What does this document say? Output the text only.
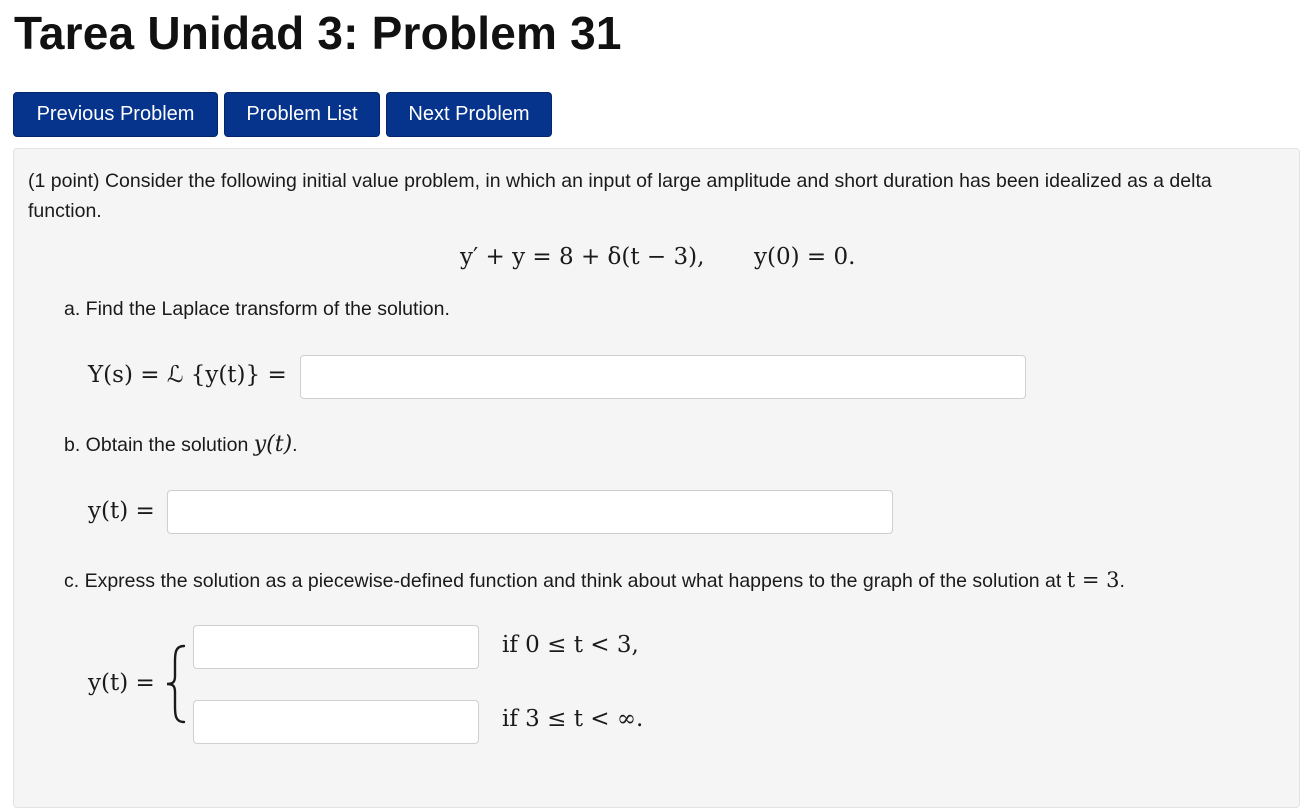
Tarea Unidad 3: Problem 31
Previous Problem	Problem List	Next Problem
(1 point) Consider the following initial value problem, in which an input of large amplitude and short duration has been idealized as a delta function.
y′ + y = 8 + δ(t − 3), y(0) = 0.
a. Find the Laplace transform of the solution.
Y(s) = ℒ {y(t)} =
b. Obtain the solution y(t).
y(t) =
c. Express the solution as a piecewise-defined function and think about what happens to the graph of the solution at t = 3.
y(t) =
if 0 ≤ t < 3,
if 3 ≤ t < ∞.
